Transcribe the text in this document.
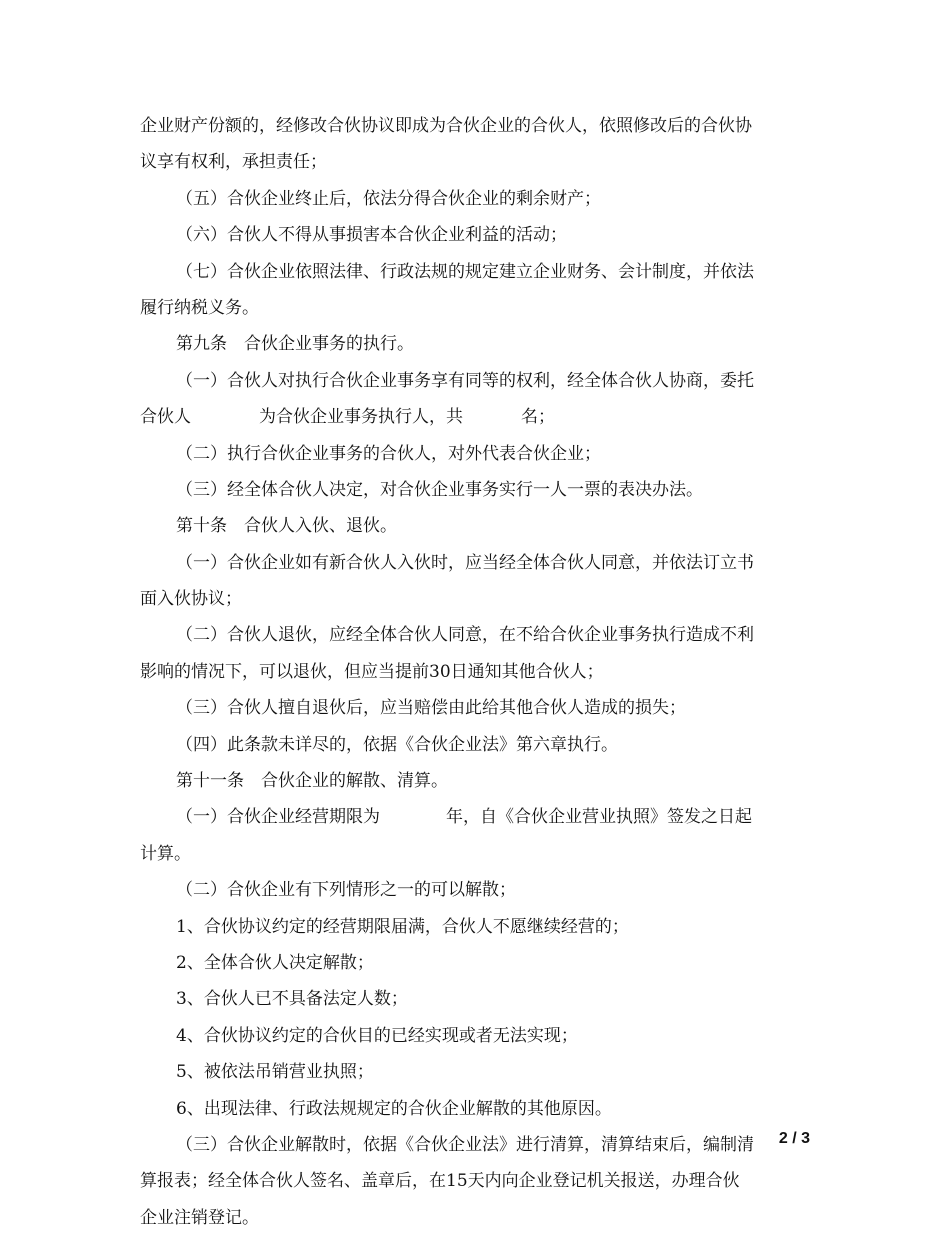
企业财产份额的，经修改合伙协议即成为合伙企业的合伙人，依照修改后的合伙协
议享有权利，承担责任；
（五）合伙企业终止后，依法分得合伙企业的剩余财产；
（六）合伙人不得从事损害本合伙企业利益的活动；
（七）合伙企业依照法律、行政法规的规定建立企业财务、会计制度，并依法
履行纳税义务。
第九条　合伙企业事务的执行。
（一）合伙人对执行合伙企业事务享有同等的权利，经全体合伙人协商，委托
合伙人	为合伙企业事务执行人，共	名；
（二）执行合伙企业事务的合伙人，对外代表合伙企业；
（三）经全体合伙人决定，对合伙企业事务实行一人一票的表决办法。
第十条　合伙人入伙、退伙。
（一）合伙企业如有新合伙人入伙时，应当经全体合伙人同意，并依法订立书
面入伙协议；
（二）合伙人退伙，应经全体合伙人同意，在不给合伙企业事务执行造成不利
影响的情况下，可以退伙，但应当提前30日通知其他合伙人；
（三）合伙人擅自退伙后，应当赔偿由此给其他合伙人造成的损失；
（四）此条款未详尽的，依据《合伙企业法》第六章执行。
第十一条　合伙企业的解散、清算。
（一）合伙企业经营期限为	年，自《合伙企业营业执照》签发之日起
计算。
（二）合伙企业有下列情形之一的可以解散；
1、合伙协议约定的经营期限届满，合伙人不愿继续经营的；
2、全体合伙人决定解散；
3、合伙人已不具备法定人数；
4、合伙协议约定的合伙目的已经实现或者无法实现；
5、被依法吊销营业执照；
6、出现法律、行政法规规定的合伙企业解散的其他原因。
（三）合伙企业解散时，依据《合伙企业法》进行清算，清算结束后，编制清
算报表；经全体合伙人签名、盖章后，在15天内向企业登记机关报送，办理合伙
企业注销登记。
2 / 3
